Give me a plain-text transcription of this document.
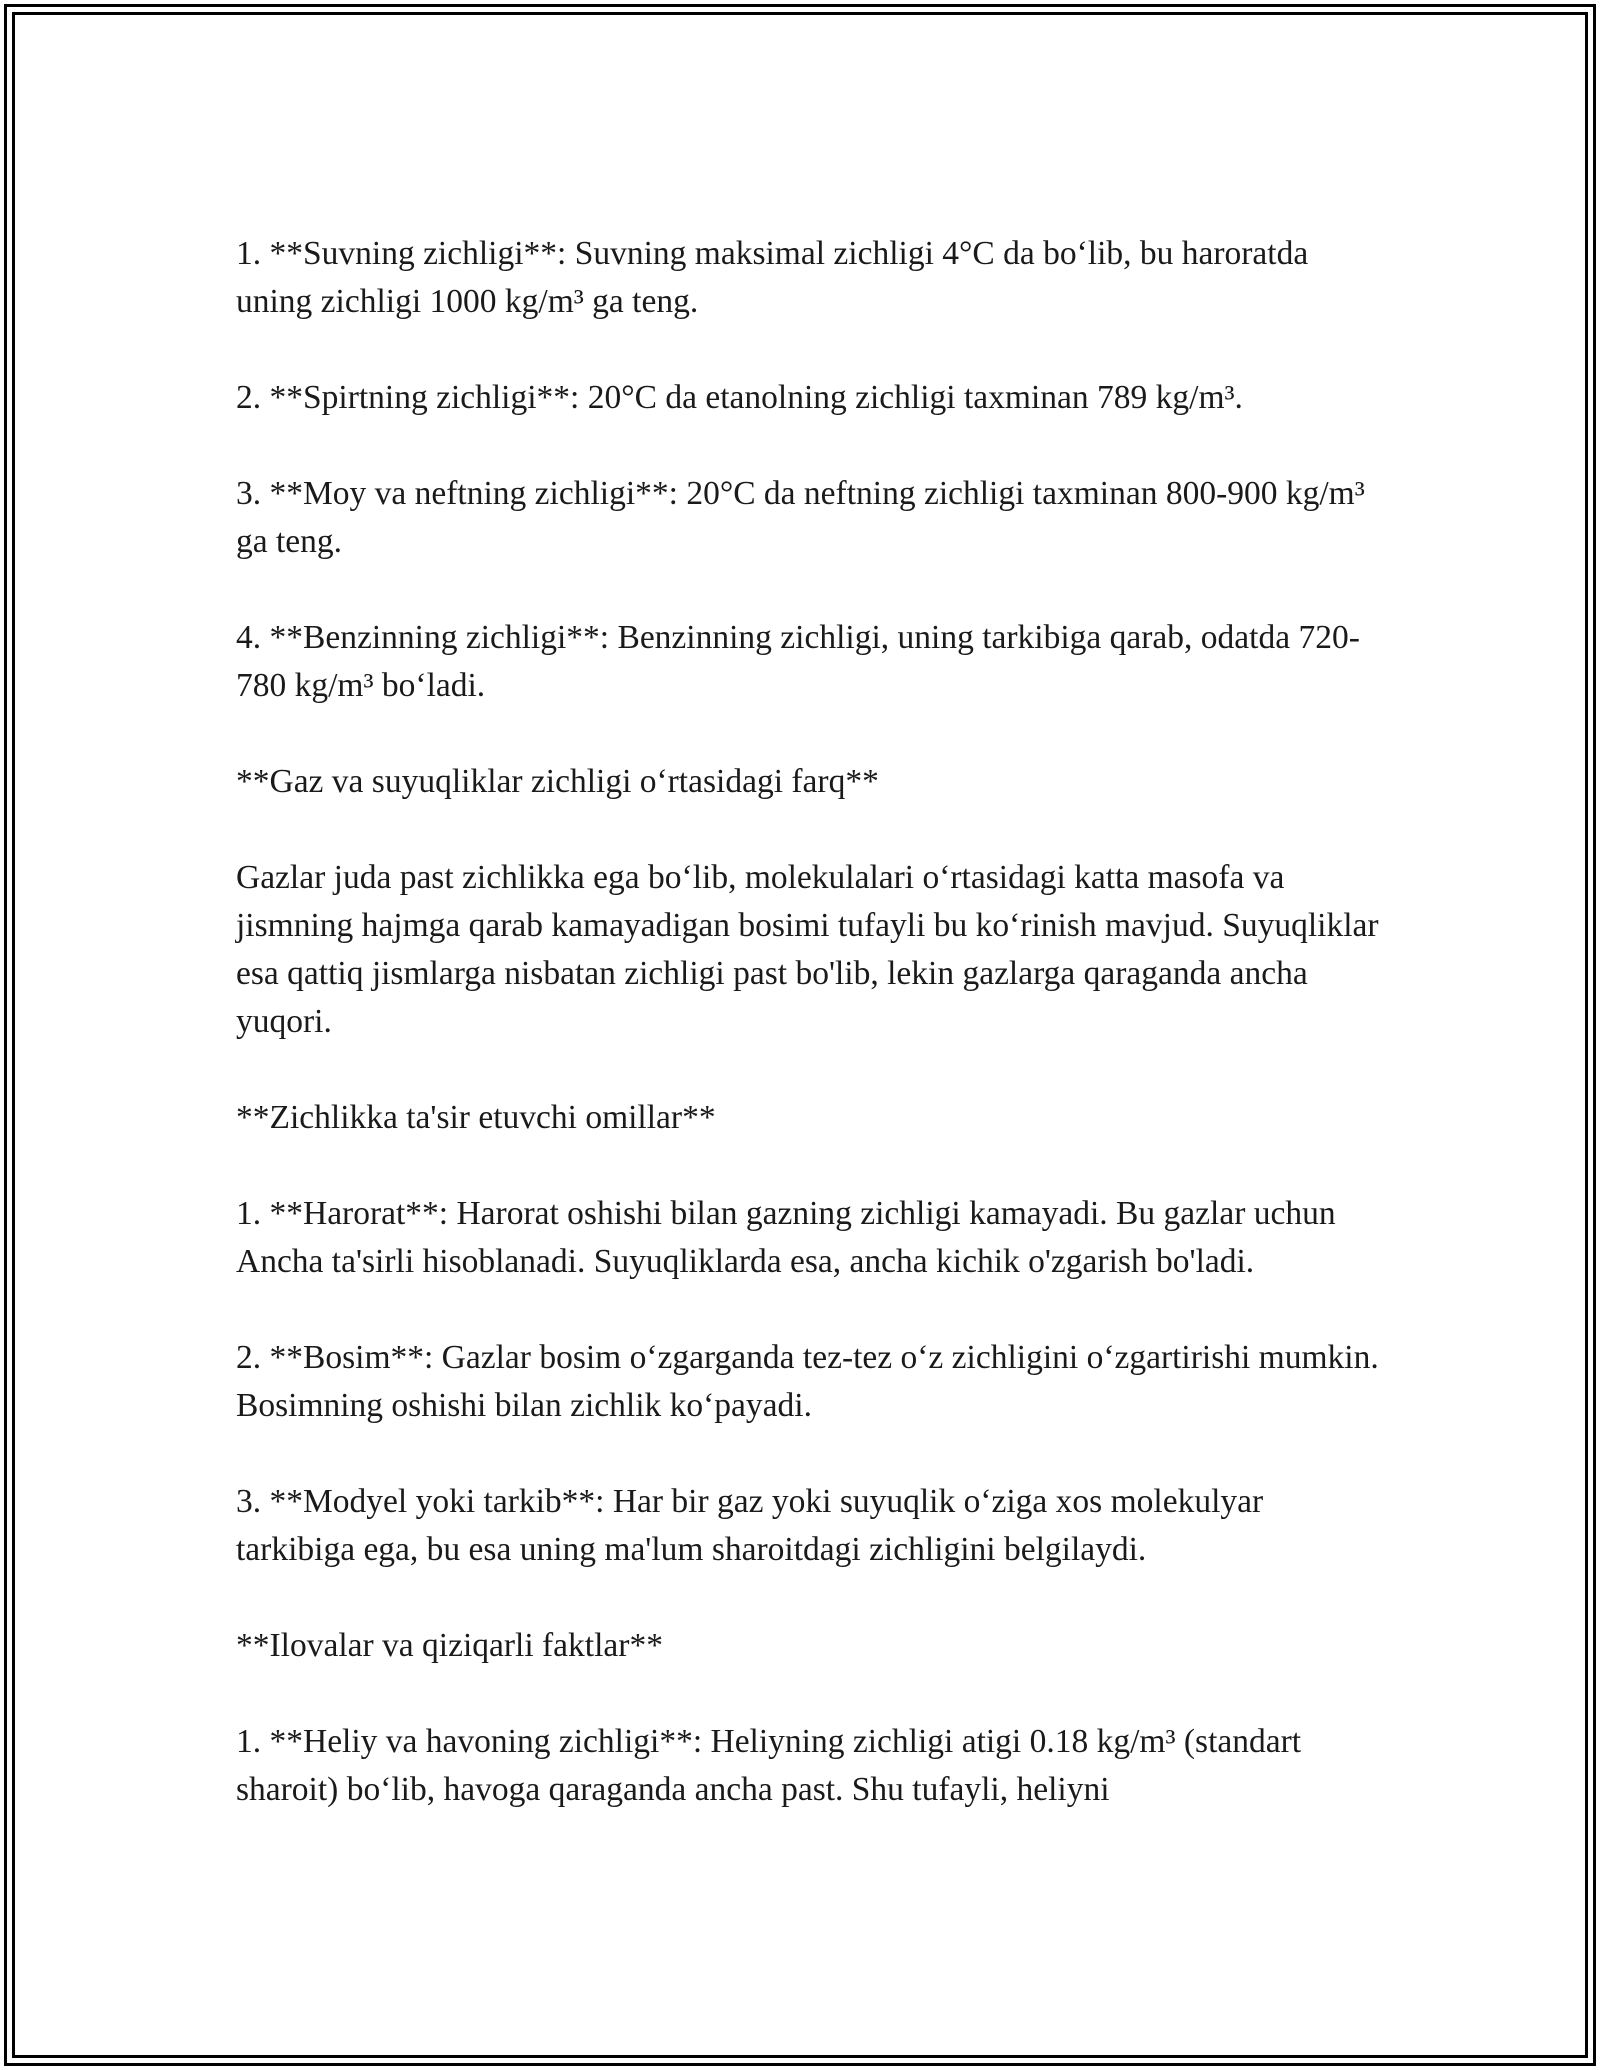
1. **Suvning zichligi**: Suvning maksimal zichligi 4°C da bo‘lib, bu haroratda uning zichligi 1000 kg/m³ ga teng.

2. **Spirtning zichligi**: 20°C da etanolning zichligi taxminan 789 kg/m³.

3. **Moy va neftning zichligi**: 20°C da neftning zichligi taxminan 800-900 kg/m³ ga teng.

4. **Benzinning zichligi**: Benzinning zichligi, uning tarkibiga qarab, odatda 720-780 kg/m³ bo‘ladi.

**Gaz va suyuqliklar zichligi o‘rtasidagi farq**

Gazlar juda past zichlikka ega bo‘lib, molekulalari o‘rtasidagi katta masofa va jismning hajmga qarab kamayadigan bosimi tufayli bu ko‘rinish mavjud. Suyuqliklar esa qattiq jismlarga nisbatan zichligi past bo'lib, lekin gazlarga qaraganda ancha yuqori.

**Zichlikka ta'sir etuvchi omillar**

1. **Harorat**: Harorat oshishi bilan gazning zichligi kamayadi. Bu gazlar uchun Ancha ta'sirli hisoblanadi. Suyuqliklarda esa, ancha kichik o'zgarish bo'ladi.

2. **Bosim**: Gazlar bosim o‘zgarganda tez-tez o‘z zichligini o‘zgartirishi mumkin. Bosimning oshishi bilan zichlik ko‘payadi.

3. **Modyel yoki tarkib**: Har bir gaz yoki suyuqlik o‘ziga xos molekulyar tarkibiga ega, bu esa uning ma'lum sharoitdagi zichligini belgilaydi.

**Ilovalar va qiziqarli faktlar**

1. **Heliy va havoning zichligi**: Heliyning zichligi atigi 0.18 kg/m³ (standart sharoit) bo‘lib, havoga qaraganda ancha past. Shu tufayli, heliyni
